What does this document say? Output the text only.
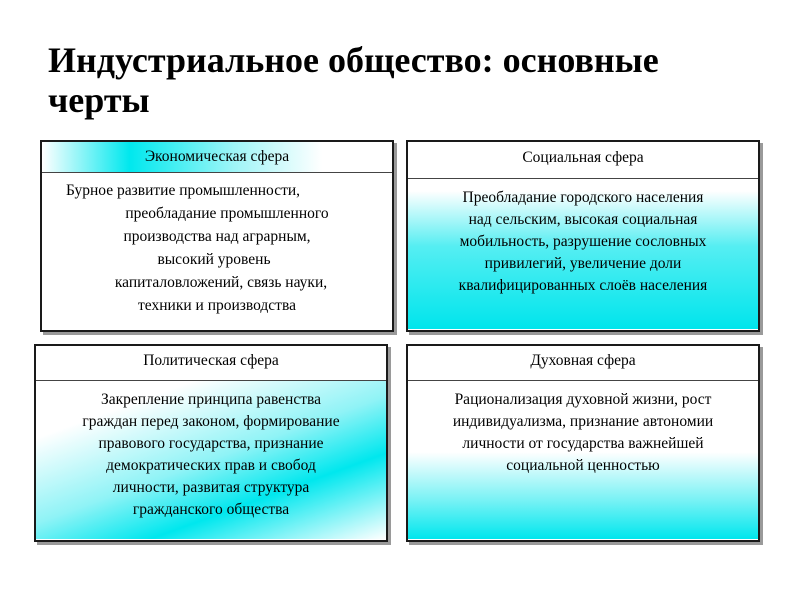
Индустриальное общество: основные черты
Экономическая сфера
Бурное развитие промышленности,
преобладание промышленного
производства над аграрным,
высокий уровень
капиталовложений, связь науки,
техники и производства
Социальная сфера
Преобладание городского населения
над сельским, высокая социальная
мобильность, разрушение сословных
привилегий, увеличение доли
квалифицированных слоёв населения
Политическая сфера
Закрепление принципа равенства
граждан перед законом, формирование
правового государства, признание
демократических прав и свобод
личности, развитая структура
гражданского общества
Духовная сфера
Рационализация духовной жизни, рост
индивидуализма, признание автономии
личности от государства важнейшей
социальной ценностью
